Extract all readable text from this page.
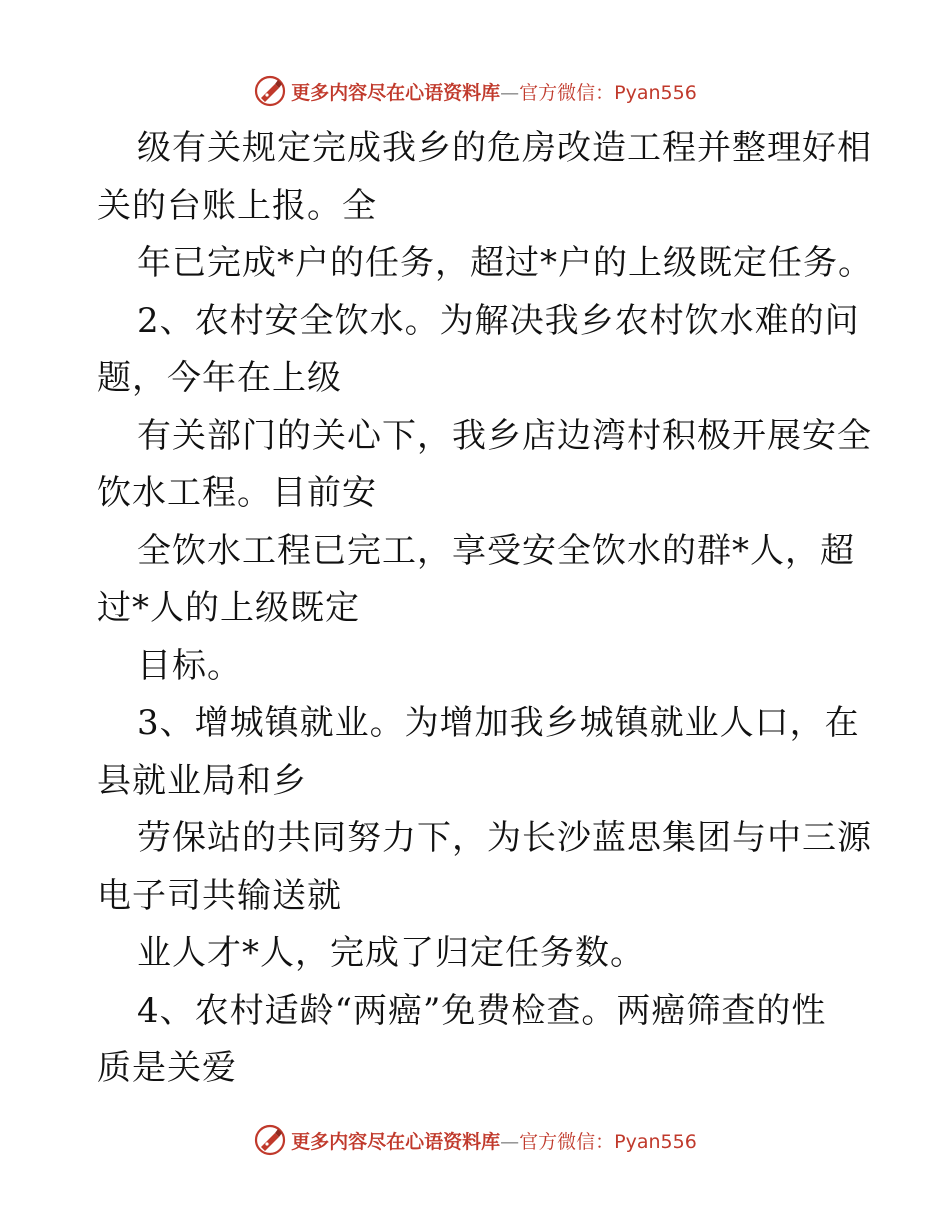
更多内容尽在心语资料库—官方微信：Pyan556
级有关规定完成我乡的危房改造工程并整理好相
关的台账上报。全
年已完成*户的任务，超过*户的上级既定任务。
2、农村安全饮水。为解决我乡农村饮水难的问
题，今年在上级
有关部门的关心下，我乡店边湾村积极开展安全
饮水工程。目前安
全饮水工程已完工，享受安全饮水的群*人，超
过*人的上级既定
目标。
3、增城镇就业。为增加我乡城镇就业人口，在
县就业局和乡
劳保站的共同努力下，为长沙蓝思集团与中三源
电子司共输送就
业人才*人，完成了归定任务数。
4、农村适龄“两癌”免费检查。两癌筛查的性
质是关爱
更多内容尽在心语资料库—官方微信：Pyan556
